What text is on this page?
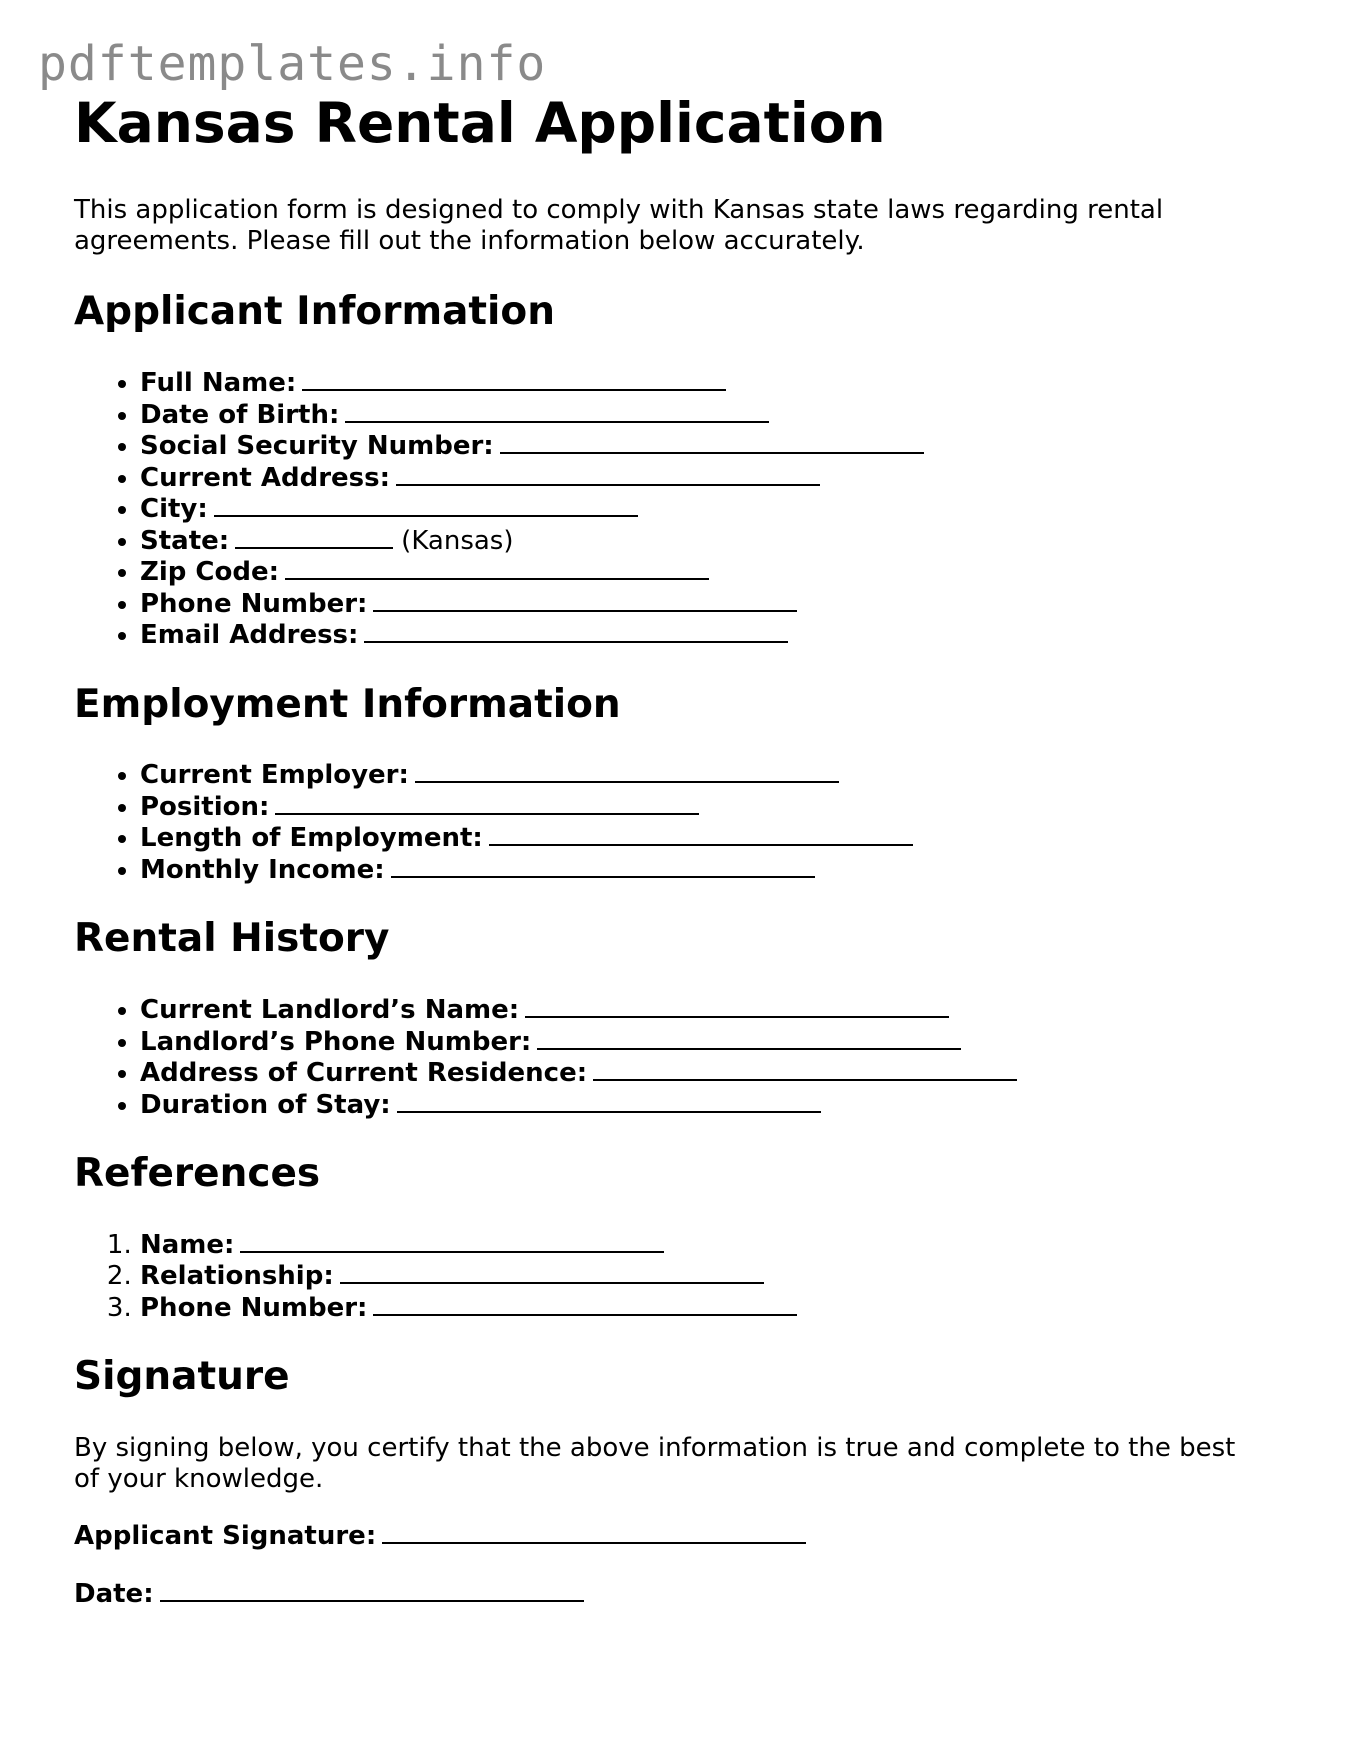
pdftemplates.info
Kansas Rental Application

This application form is designed to comply with Kansas state laws regarding rental agreements. Please fill out the information below accurately.

Applicant Information
• Full Name:
• Date of Birth:
• Social Security Number:
• Current Address:
• City:
• State:	(Kansas)
• Zip Code:
• Phone Number:
• Email Address:
Employment Information
• Current Employer:
• Position:
• Length of Employment:
• Monthly Income:
Rental History
• Current Landlord’s Name:
• Landlord’s Phone Number:
• Address of Current Residence:
• Duration of Stay:
References
1. Name:
2. Relationship:
3. Phone Number:
Signature

By signing below, you certify that the above information is true and complete to the best of your knowledge.

Applicant Signature:
Date:
